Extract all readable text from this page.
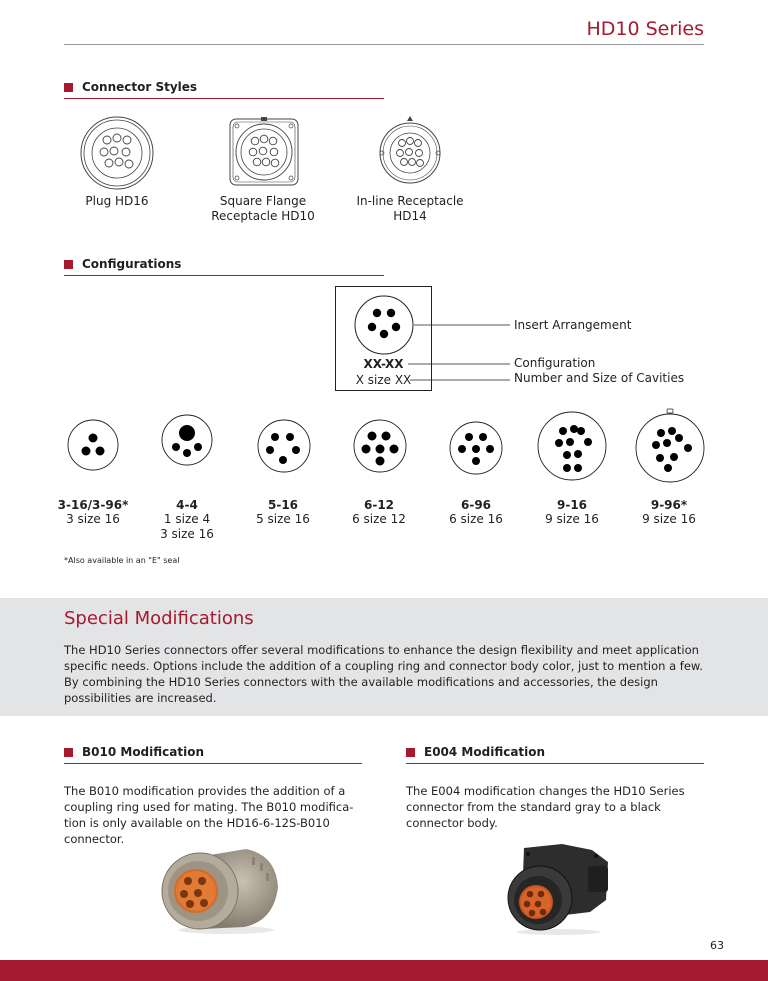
HD10 Series
Connector Styles
Plug HD16	Square Flange
Receptacle HD10
In-line Receptacle
HD14
Configurations
XX-XX
X size XX
Insert Arrangement
Configuration
Number and Size of Cavities
3-16/3-96*
3 size 16
4-4
1 size 4
3 size 16
5-16
5 size 16
6-12
6 size 12
6-96
6 size 16
9-16
9 size 16
9-96*
9 size 16
*Also available in an "E" seal
Special Modifications
The HD10 Series connectors offer several modifications to enhance the design flexibility and meet application specific needs. Options include the addition of a coupling ring and connector body color, just to mention a few. By combining the HD10 Series connectors with the available modifications and accessories, the design possibilities are increased.
B010 Modification
The B010 modification provides the addition of a coupling ring used for mating. The B010 modifica-tion is only available on the HD16-6-12S-B010 connector.
E004 Modification
The E004 modification changes the HD10 Series connector from the standard gray to a black connector body.
63
